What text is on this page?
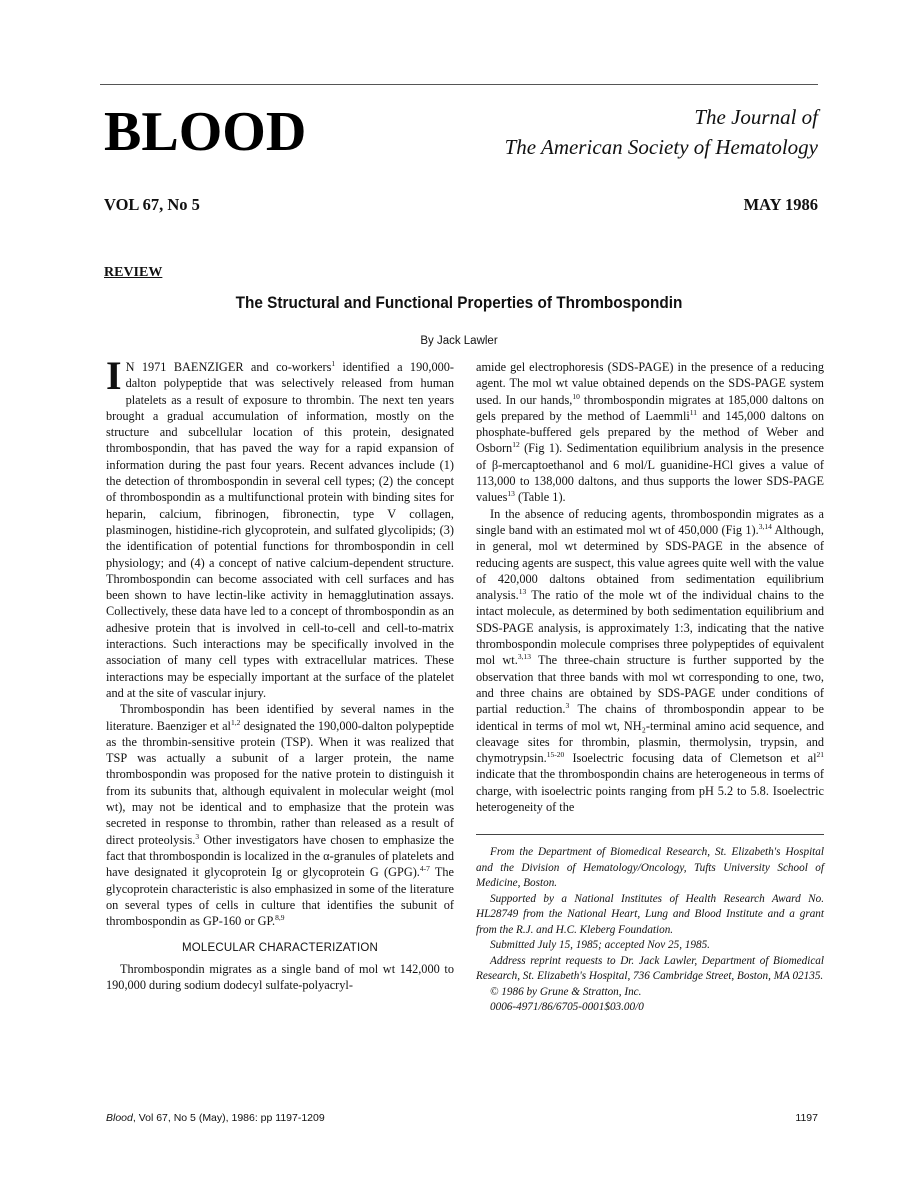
BLOOD	The Journal of
The American Society of Hematology
VOL 67, No 5	MAY 1986
REVIEW
The Structural and Functional Properties of Thrombospondin
By Jack Lawler

I N 1971 BAENZIGER and co-workers$^1$ identified a 190,000-dalton polypeptide that was selectively released from human platelets as a result of exposure to thrombin. The next ten years brought a gradual accumulation of information, mostly on the structure and subcellular location of this protein, designated thrombospondin, that has paved the way for a rapid expansion of information during the past four years. Recent advances include (1) the detection of thrombospondin in several cell types; (2) the concept of thrombospondin as a multifunctional protein with binding sites for heparin, calcium, fibrinogen, fibronectin, type V collagen, plasminogen, histidine-rich glycoprotein, and sulfated glycolipids; (3) the identification of potential functions for thrombospondin in cell physiology; and (4) a concept of native calcium-dependent structure. Thrombospondin can become associated with cell surfaces and has been shown to have lectin-like activity in hemagglutination assays. Collectively, these data have led to a concept of thrombospondin as an adhesive protein that is involved in cell-to-cell and cell-to-matrix interactions. Such interactions may be specifically involved in the association of many cell types with extracellular matrices. These interactions may be especially important at the surface of the platelet and at the site of vascular injury.

Thrombospondin has been identified by several names in the literature. Baenziger et al$^{1,2}$ designated the 190,000-dalton polypeptide as the thrombin-sensitive protein (TSP). When it was realized that TSP was actually a subunit of a larger protein, the name thrombospondin was proposed for the native protein to distinguish it from its subunits that, although equivalent in molecular weight (mol wt), may not be identical and to emphasize that the protein was secreted in response to thrombin, rather than released as a result of direct proteolysis.$^3$ Other investigators have chosen to emphasize the fact that thrombospondin is localized in the α-granules of platelets and have designated it glycoprotein Ig or glycoprotein G (GPG).$^{4-7}$ The glycoprotein characteristic is also emphasized in some of the literature on several types of cells in culture that identifies the subunit of thrombospondin as GP-160 or GP.$^{8,9}$

MOLECULAR CHARACTERIZATION

Thrombospondin migrates as a single band of mol wt 142,000 to 190,000 during sodium dodecyl sulfate-polyacryl-

amide gel electrophoresis (SDS-PAGE) in the presence of a reducing agent. The mol wt value obtained depends on the SDS-PAGE system used. In our hands,$^{10}$ thrombospondin migrates at 185,000 daltons on gels prepared by the method of Laemmli$^{11}$ and 145,000 daltons on phosphate-buffered gels prepared by the method of Weber and Osborn$^{12}$ (Fig 1). Sedimentation equilibrium analysis in the presence of β-mercaptoethanol and 6 mol/L guanidine-HCl gives a value of 113,000 to 138,000 daltons, and thus supports the lower SDS-PAGE values$^{13}$ (Table 1).

In the absence of reducing agents, thrombospondin migrates as a single band with an estimated mol wt of 450,000 (Fig 1).$^{3,14}$ Although, in general, mol wt determined by SDS-PAGE in the absence of reducing agents are suspect, this value agrees quite well with the value of 420,000 daltons obtained from sedimentation equilibrium analysis.$^{13}$ The ratio of the mole wt of the individual chains to the intact molecule, as determined by both sedimentation equilibrium and SDS-PAGE analysis, is approximately 1:3, indicating that the native thrombospondin molecule comprises three polypeptides of equivalent mol wt.$^{3,13}$ The three-chain structure is further supported by the observation that three bands with mol wt corresponding to one, two, and three chains are obtained by SDS-PAGE under conditions of partial reduction.$^3$ The chains of thrombospondin appear to be identical in terms of mol wt, NH₂-terminal amino acid sequence, and cleavage sites for thrombin, plasmin, thermolysin, trypsin, and chymotrypsin.$^{15-20}$ Isoelectric focusing data of Clemetson et $al^{21}$ indicate that the thrombospondin chains are heterogeneous in terms of charge, with isoelectric points ranging from pH 5.2 to 5.8. Isoelectric heterogeneity of the

From the Department of Biomedical Research, St. Elizabeth's Hospital and the Division of Hematology/Oncology, Tufts University School of Medicine, Boston.

Supported by a National Institutes of Health Research Award No. HL28749 from the National Heart, Lung and Blood Institute and a grant from the R.J. and H.C. Kleberg Foundation.

Submitted July 15, 1985; accepted Nov 25, 1985.

Address reprint requests to Dr. Jack Lawler, Department of Biomedical Research, St. Elizabeth's Hospital, 736 Cambridge Street, Boston, MA 02135.

© 1986 by Grune & Stratton, Inc.

0006-4971/86/6705-0001$03.00/0

Blood, Vol 67, No 5 (May), 1986: pp 1197-1209	1197
